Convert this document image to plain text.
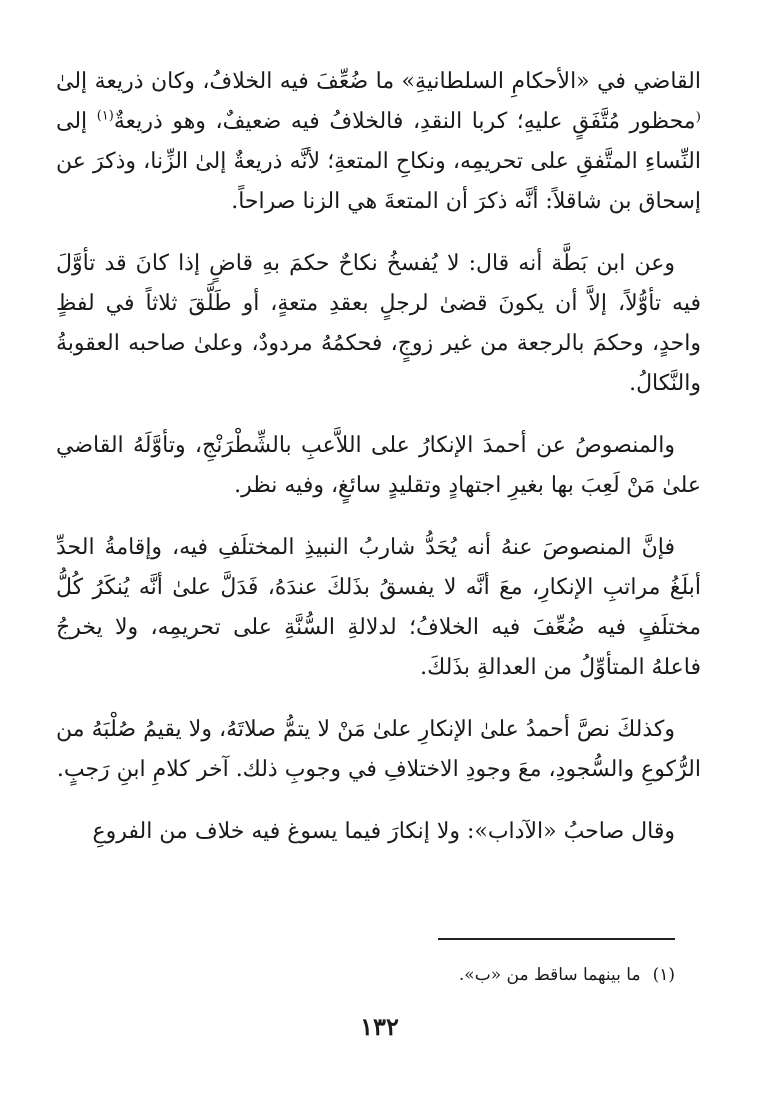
القاضي في «الأحكامِ السلطانيةِ» ما ضُعِّفَ فيه الخلافُ، وكان ذريعة إلىٰ ⁽محظور مُتَّفَقٍ عليهِ؛ كربا النقدِ، فالخلافُ فيه ضعيفٌ، وهو ذريعةٌ$^{(١)}$ إلى النِّساءِ المتَّفقِ على تحريمِه، ونكاحِ المتعةِ؛ لأنَّه ذريعةٌ إلىٰ الزِّنا، وذكرَ عن إسحاق بن شاقلاً: أنَّه ذكرَ أن المتعةَ هي الزنا صراحاً.

وعن ابن بَطَّة أنه قال: لا يُفسخُ نكاحٌ حكمَ بهِ قاضٍ إذا كانَ قد تأوَّلَ فيه تأوُّلاً، إلاَّ أن يكونَ قضىٰ لرجلٍ بعقدِ متعةٍ، أو طَلَّقَ ثلاثاً في لفظٍ واحدٍ، وحكمَ بالرجعة من غير زوجٍ، فحكمُهُ مردودٌ، وعلىٰ صاحبه العقوبةُ والنَّكالُ.

والمنصوصُ عن أحمدَ الإنكارُ على اللاَّعبِ بالشِّطْرَنْجِ، وتأوَّلَهُ القاضي علىٰ مَنْ لَعِبَ بها بغيرِ اجتهادٍ وتقليدٍ سائغٍ، وفيه نظر.

فإنَّ المنصوصَ عنهُ أنه يُحَدُّ شاربُ النبيذِ المختلَفِ فيه، وإقامةُ الحدِّ أبلَغُ مراتبِ الإنكارِ، معَ أنَّه لا يفسقُ بذَلكَ عندَهُ، فَدَلَّ علىٰ أنَّه يُنكَرُ كُلُّ مختلَفٍ فيه ضُعِّفَ فيه الخلافُ؛ لدلالةِ السُّنَّةِ على تحريمِه، ولا يخرجُ فاعلهُ المتأوِّلُ من العدالةِ بذَلكَ.

وكذلكَ نصَّ أحمدُ علىٰ الإنكارِ علىٰ مَنْ لا يتمُّ صلاتَهُ، ولا يقيمُ صُلْبَهُ من الرُّكوعِ والسُّجودِ، معَ وجودِ الاختلافِ في وجوبِ ذلك. آخر كلامِ ابنِ رَجبٍ.

وقال صاحبُ «الآداب»: ولا إنكارَ فيما يسوغ فيه خلاف من الفروعِ

(١)ما بينهما ساقط من «ب».
١٣٢
